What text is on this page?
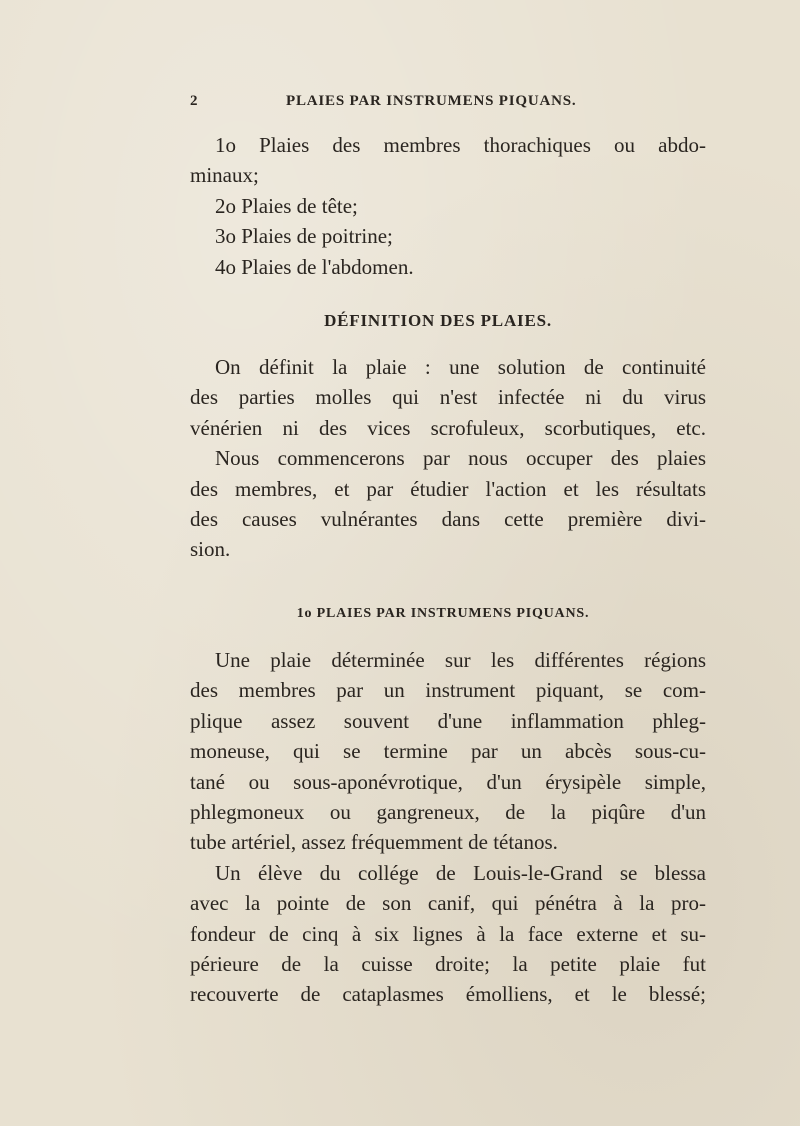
2	PLAIES PAR INSTRUMENS PIQUANS.
1o Plaies des membres thorachiques ou abdo-
minaux;
2o Plaies de tête;
3o Plaies de poitrine;
4o Plaies de l'abdomen.
DÉFINITION DES PLAIES.
On définit la plaie : une solution de continuité
des parties molles qui n'est infectée ni du virus
vénérien ni des vices scrofuleux, scorbutiques, etc.
Nous commencerons par nous occuper des plaies
des membres, et par étudier l'action et les résultats
des causes vulnérantes dans cette première divi-
sion.
1o PLAIES PAR INSTRUMENS PIQUANS.
Une plaie déterminée sur les différentes régions
des membres par un instrument piquant, se com-
plique assez souvent d'une inflammation phleg-
moneuse, qui se termine par un abcès sous-cu-
tané ou sous-aponévrotique, d'un érysipèle simple,
phlegmoneux ou gangreneux, de la piqûre d'un
tube artériel, assez fréquemment de tétanos.
Un élève du collége de Louis-le-Grand se blessa
avec la pointe de son canif, qui pénétra à la pro-
fondeur de cinq à six lignes à la face externe et su-
périeure de la cuisse droite; la petite plaie fut
recouverte de cataplasmes émolliens, et le blessé;
